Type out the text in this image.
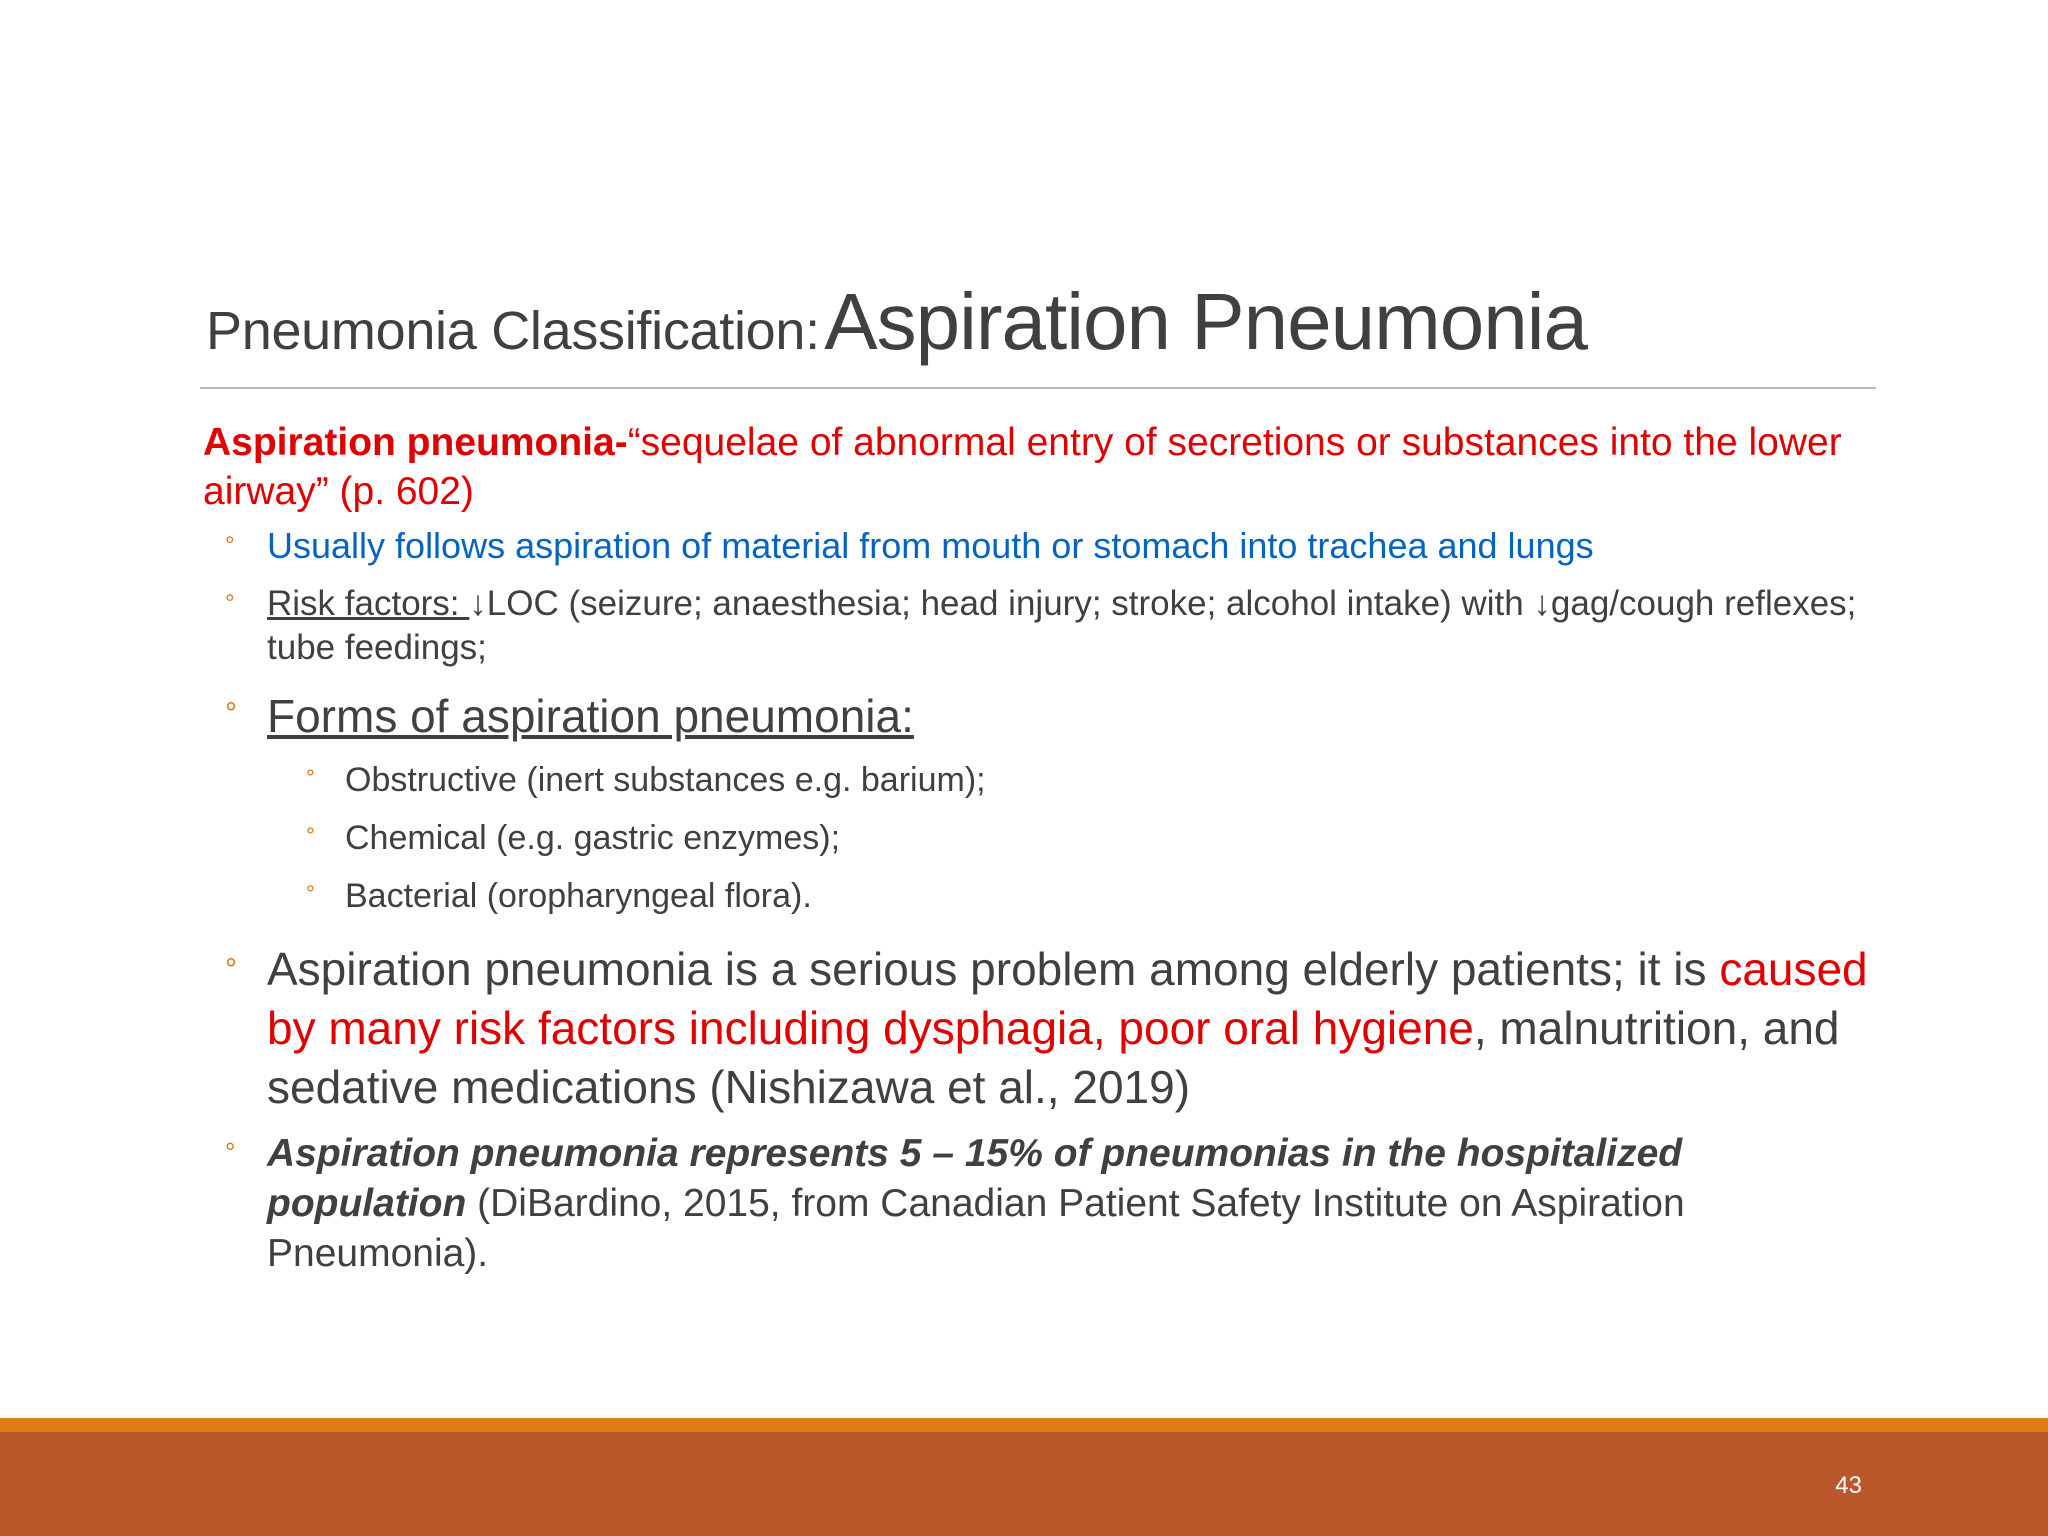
Pneumonia Classification: Aspiration Pneumonia

Aspiration pneumonia-“sequelae of abnormal entry of secretions or substances into the lower airway” (p. 602)

° Usually follows aspiration of material from mouth or stomach into trachea and lungs
° Risk factors: ↓LOC (seizure; anaesthesia; head injury; stroke; alcohol intake) with ↓gag/cough reflexes; tube feedings;
° Forms of aspiration pneumonia:
° Obstructive (inert substances e.g. barium);
° Chemical (e.g. gastric enzymes);
° Bacterial (oropharyngeal flora).
° Aspiration pneumonia is a serious problem among elderly patients; it is caused by many risk factors including dysphagia, poor oral hygiene, malnutrition, and sedative medications (Nishizawa et al., 2019)
° Aspiration pneumonia represents 5 – 15% of pneumonias in the hospitalized population (DiBardino, 2015, from Canadian Patient Safety Institute on Aspiration Pneumonia).
43
